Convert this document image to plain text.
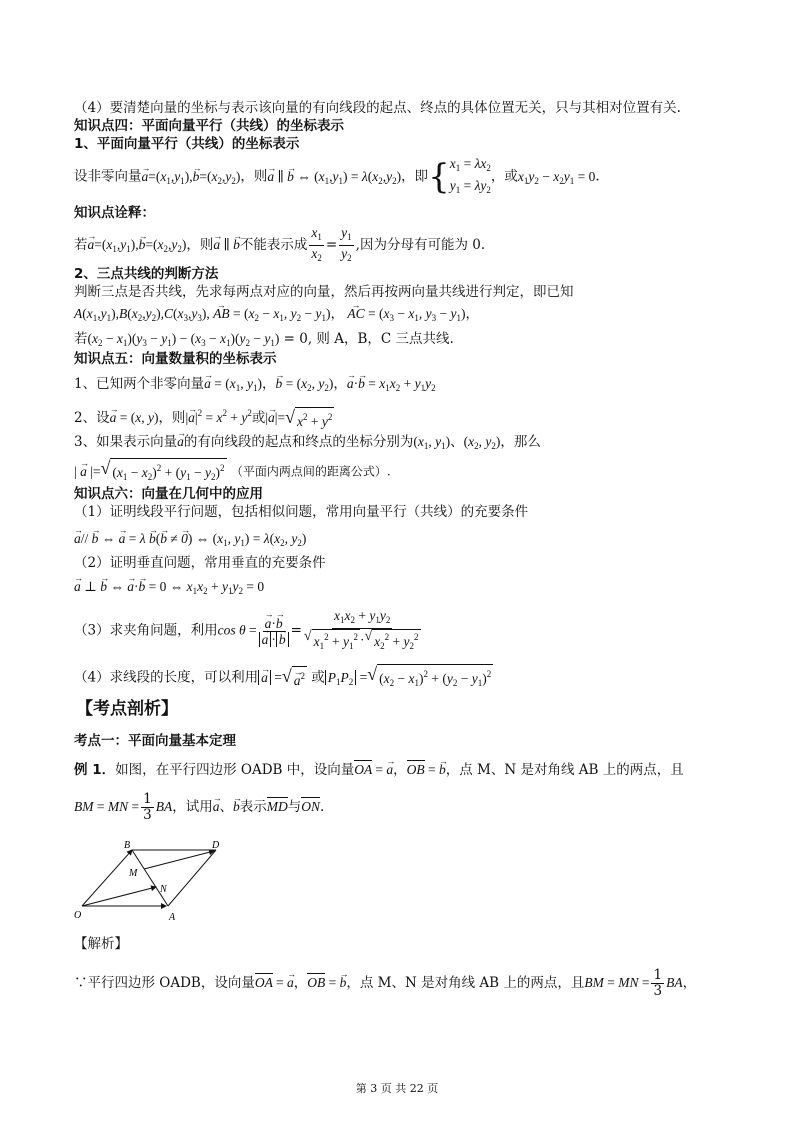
（4）要清楚向量的坐标与表示该向量的有向线段的起点、终点的具体位置无关，只与其相对位置有关.
知识点四：平面向量平行（共线）的坐标表示
1、平面向量平行（共线）的坐标表示
设非零向量→ $a=(x_1,y_1),\to b=(x_2,y_2)$，则→ a ∥ → b ⇔ $(x_1,y_1) = \lambda(x_2,y_2)$，即{ $x_1 = \lambda x_2$
$y_1 = \lambda y_2$
，或$x_1y_2 - x_2y_1 = 0$.
知识点诠释：
若→ $a=(x_1,y_1),\to b=(x_2,y_2)$，则→ a ∥ → b不能表示成 $\frac{x_1}{x_2} = \frac{y_1}{y_2}$ ,因为分母有可能为 0.
2、三点共线的判断方法
判断三点是否共线，先求每两点对应的向量，然后再按两向量共线进行判定，即已知
$A(x_1,y_1),B(x_2,y_2),C(x_3,y_3)$, → AB = ($x_2 - x_1$, $y_2 - y_1$)， → AC = ($x_3 - x_1$, $y_3 - y_1$)，
若$(x_2 - x_1)(y_3 - y_1) - (x_3 - x_1)(y_2 - y_1) = 0$, 则 A，B，C 三点共线.
知识点五：向量数量积的坐标表示
1、已知两个非零向量→ $a = (x_1$, $y_1$)，→ $b = (x_2$, $y_2$)，→ $a\cdot\to b = x_1x_2 + y_1y_2$
2、设→ a = (x, y)，则|→ $a|^2 = x^2 + y^2$或|→ a|= √ $x^2 + y^2$
3、如果表示向量→ a的有向线段的起点和终点的坐标分别为($x_1$, $y_1$)、($x_2$, $y_2$)，那么
| → a |= √ $(x_1 - x_2)^2 + (y_1 - y_2)^2$ （平面内两点间的距离公式）.
知识点六：向量在几何中的应用
（1）证明线段平行问题，包括相似问题，常用向量平行（共线）的充要条件
→ a// → b ⇔ → a = λ → b(→ b ≠ → 0) ⇔ ($x_1$, $y_1) = \lambda(x_2$, $y_2$)
（2）证明垂直问题，常用垂直的充要条件
→ a ⊥ → b ⇔ → a·→ b = 0 ⇔ $x_1x_2 + y_1y_2 = 0$
（3）求夹角问题，利用cos θ =
→ a·→ b
→ $a \cdot\to b = \frac{x_1x_2 + y_1y_2}{√ x_1^2 + y_1^2 \cdot √ x_2^2 + y_2^2}$
（4）求线段的长度，可以利用→ a = √
→ $a^2$ 或 $P_1P_2$ = √ $(x_2 - x_1)^2 + (y_2 - y_1)^2$
【考点剖析】
考点一：平面向量基本定理
例 1．如图，在平行四边形 OADB 中，设向量OA = → a，OB = → b，点 M、N 是对角线 AB 上的两点，且
BM = MN = $\frac{1}{3}$ BA，试用→ a、→ b表示MD与ON.
O	A
B	D
M
N
【解析】
∵平行四边形 OADB，设向量OA = → a，OB = → b，点 M、N 是对角线 AB 上的两点，且BM = MN = $\frac{1}{3}$ BA，
第 3 页 共 22 页
